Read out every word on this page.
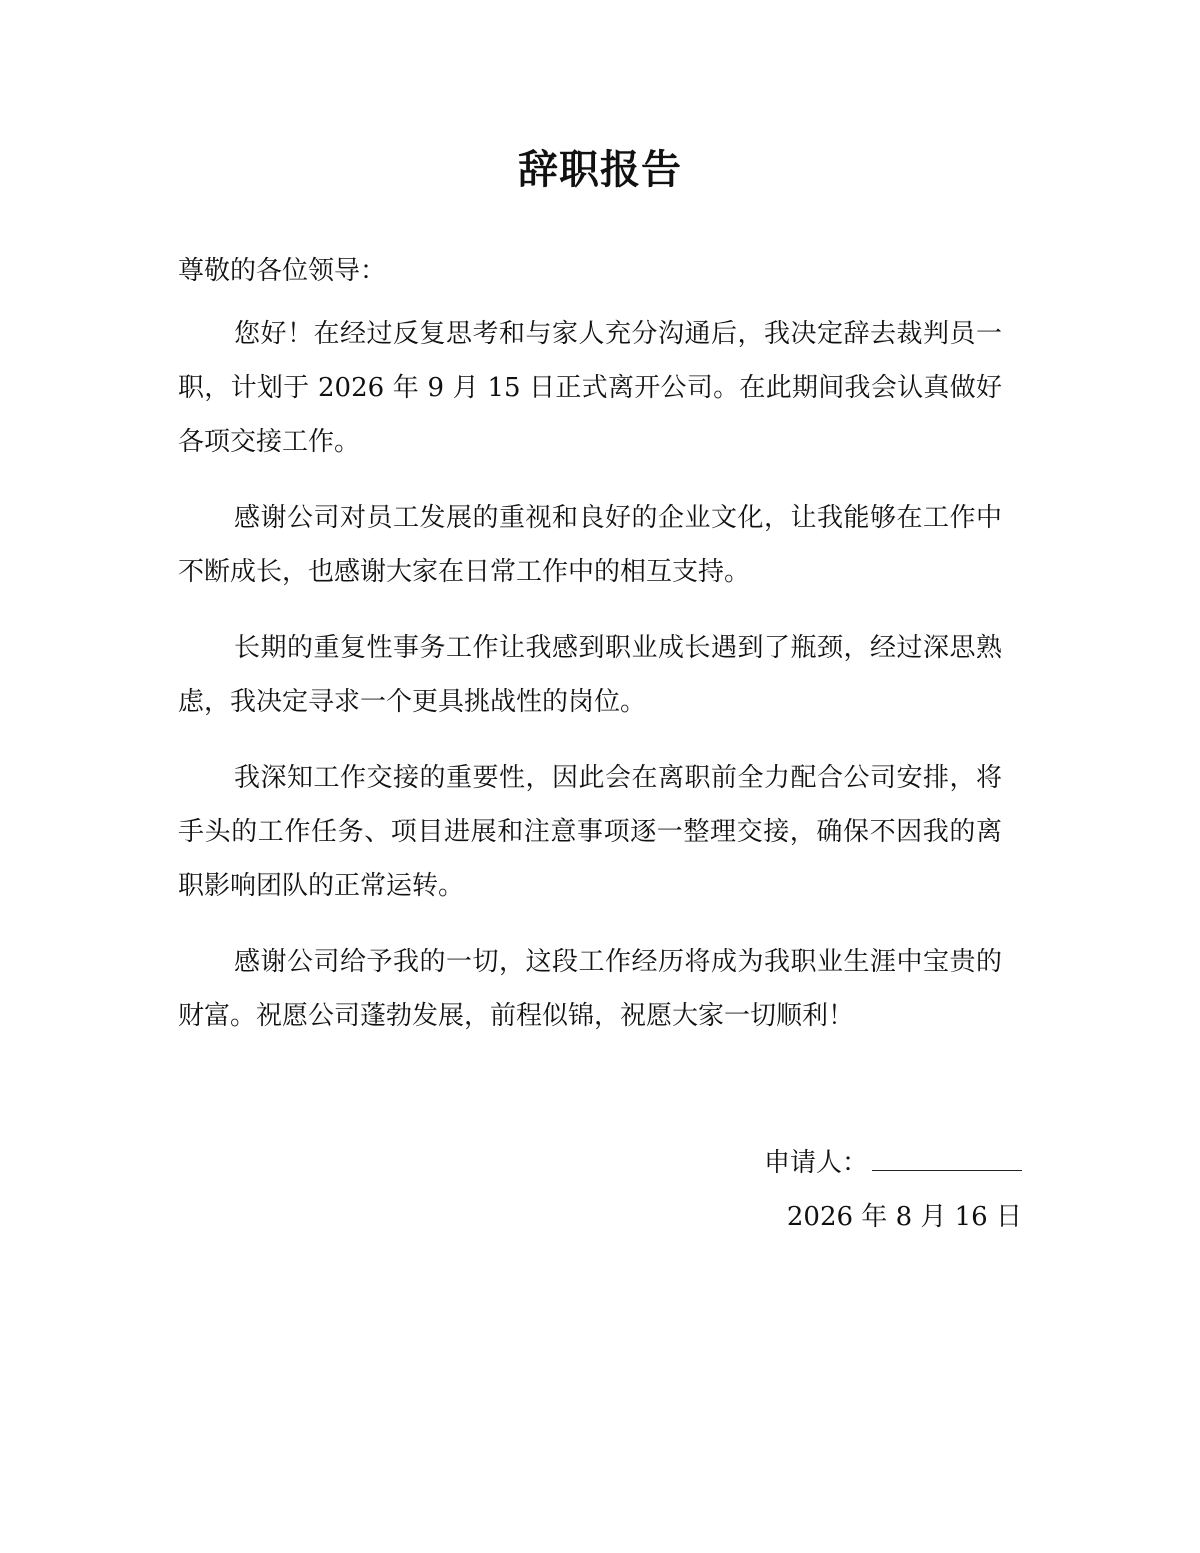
辞职报告

尊敬的各位领导：

您好！在经过反复思考和与家人充分沟通后，我决定辞去裁判员一职，计划于 2026 年 9 月 15 日正式离开公司。在此期间我会认真做好各项交接工作。

感谢公司对员工发展的重视和良好的企业文化，让我能够在工作中不断成长，也感谢大家在日常工作中的相互支持。

长期的重复性事务工作让我感到职业成长遇到了瓶颈，经过深思熟虑，我决定寻求一个更具挑战性的岗位。

我深知工作交接的重要性，因此会在离职前全力配合公司安排，将手头的工作任务、项目进展和注意事项逐一整理交接，确保不因我的离职影响团队的正常运转。

感谢公司给予我的一切，这段工作经历将成为我职业生涯中宝贵的财富。祝愿公司蓬勃发展，前程似锦，祝愿大家一切顺利！

申请人：
2026 年 8 月 16 日
